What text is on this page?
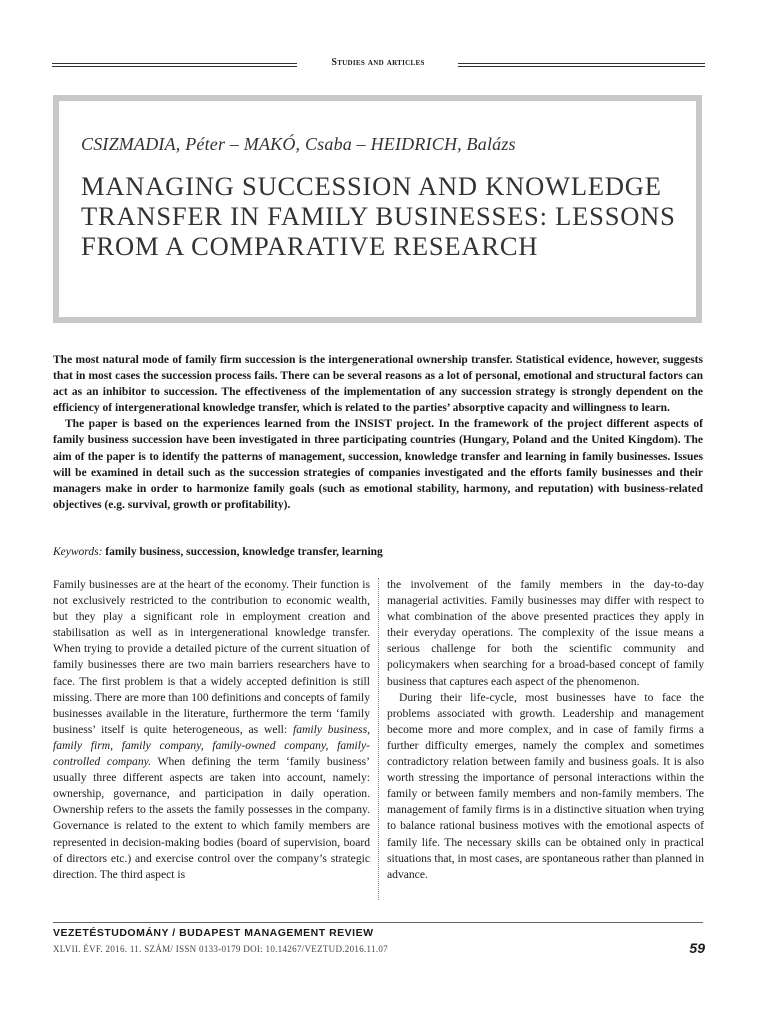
Studies and articles
CSIZMADIA, Péter – MAKÓ, Csaba – HEIDRICH, Balázs
MANAGING SUCCESSION AND KNOWLEDGE TRANSFER IN FAMILY BUSINESSES: LESSONS FROM A COMPARATIVE RESEARCH

The most natural mode of family firm succession is the intergenerational ownership transfer. Statistical evidence, however, suggests that in most cases the succession process fails. There can be several reasons as a lot of personal, emotional and structural factors can act as an inhibitor to succession. The effectiveness of the implementation of any succession strategy is strongly dependent on the efficiency of intergenerational knowledge transfer, which is related to the parties’ absorptive capacity and willingness to learn.

The paper is based on the experiences learned from the INSIST project. In the framework of the project different aspects of family business succession have been investigated in three participating countries (Hungary, Poland and the United Kingdom). The aim of the paper is to identify the patterns of management, succession, knowledge transfer and learning in family businesses. Issues will be examined in detail such as the succession strategies of companies investigated and the efforts family businesses and their managers make in order to harmonize family goals (such as emotional stability, harmony, and reputation) with business-related objectives (e.g. survival, growth or profitability).

Keywords: family business, succession, knowledge transfer, learning

Family businesses are at the heart of the economy. Their function is not exclusively restricted to the contribution to economic wealth, but they play a significant role in employment creation and stabilisation as well as in intergenerational knowledge transfer. When trying to provide a detailed picture of the current situation of family businesses there are two main barriers researchers have to face. The first problem is that a widely accepted definition is still missing. There are more than 100 definitions and concepts of family businesses available in the literature, furthermore the term ‘family business’ itself is quite heterogeneous, as well: family business, family firm, family company, family-owned company, family-controlled company. When defining the term ‘family business’ usually three different aspects are taken into account, namely: ownership, governance, and participation in daily operation. Ownership refers to the assets the family possesses in the company. Governance is related to the extent to which family members are represented in decision-making bodies (board of supervision, board of directors etc.) and exercise control over the company’s strategic direction. The third aspect is

the involvement of the family members in the day-to-day managerial activities. Family businesses may differ with respect to what combination of the above presented practices they apply in their everyday operations. The complexity of the issue means a serious challenge for both the scientific community and policymakers when searching for a broad-based concept of family business that captures each aspect of the phenomenon.

During their life-cycle, most businesses have to face the problems associated with growth. Leadership and management become more and more complex, and in case of family firms a further difficulty emerges, namely the complex and sometimes contradictory relation between family and business goals. It is also worth stressing the importance of personal interactions within the family or between family members and non-family members. The management of family firms is in a distinctive situation when trying to balance rational business motives with the emotional aspects of family life. The necessary skills can be obtained only in practical situations that, in most cases, are spontaneous rather than planned in advance.

VEZETÉSTUDOMÁNY / BUDAPEST MANAGEMENT REVIEW
XLVII. ÉVF. 2016. 11. SZÁM/ ISSN 0133-0179 DOI: 10.14267/VEZTUD.2016.11.07	59
